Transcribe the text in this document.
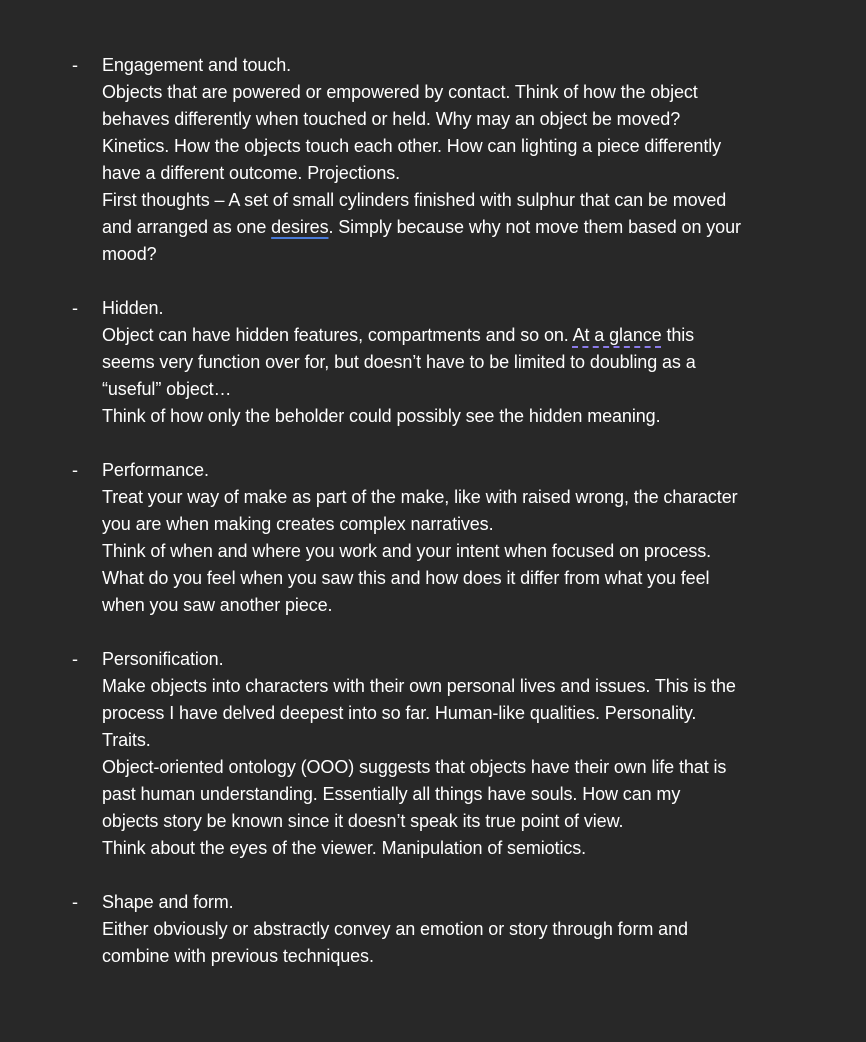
- Engagement and touch.
Objects that are powered or empowered by contact. Think of how the object
behaves differently when touched or held. Why may an object be moved?
Kinetics. How the objects touch each other. How can lighting a piece differently
have a different outcome. Projections.
First thoughts – A set of small cylinders finished with sulphur that can be moved
and arranged as one desires. Simply because why not move them based on your
mood?
- Hidden.
Object can have hidden features, compartments and so on. At a glance this
seems very function over for, but doesn’t have to be limited to doubling as a
“useful” object…
Think of how only the beholder could possibly see the hidden meaning.
- Performance.
Treat your way of make as part of the make, like with raised wrong, the character
you are when making creates complex narratives.
Think of when and where you work and your intent when focused on process.
What do you feel when you saw this and how does it differ from what you feel
when you saw another piece.
- Personification.
Make objects into characters with their own personal lives and issues. This is the
process I have delved deepest into so far. Human-like qualities. Personality.
Traits.
Object-oriented ontology (OOO) suggests that objects have their own life that is
past human understanding. Essentially all things have souls. How can my
objects story be known since it doesn’t speak its true point of view.
Think about the eyes of the viewer. Manipulation of semiotics.
- Shape and form.
Either obviously or abstractly convey an emotion or story through form and
combine with previous techniques.
